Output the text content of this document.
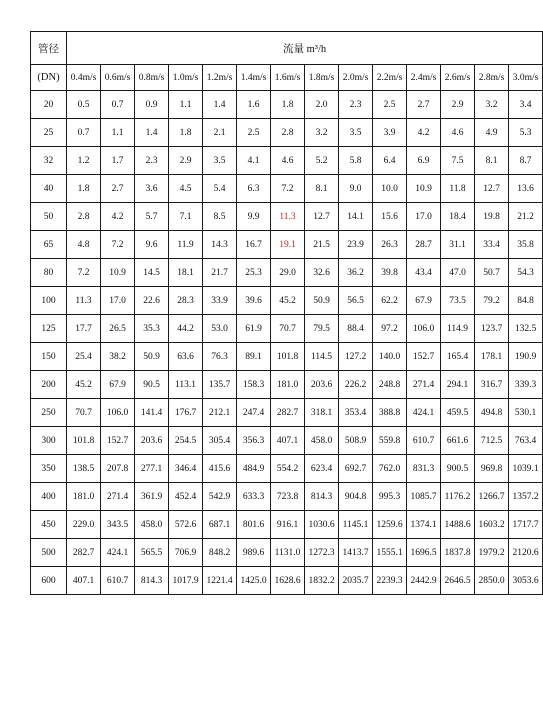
管径	流量 m³/h													
(DN)	0.4m/s	0.6m/s	0.8m/s	1.0m/s	1.2m/s	1.4m/s	1.6m/s	1.8m/s	2.0m/s	2.2m/s	2.4m/s	2.6m/s	2.8m/s	3.0m/s
20	0.5	0.7	0.9	1.1	1.4	1.6	1.8	2.0	2.3	2.5	2.7	2.9	3.2	3.4
25	0.7	1.1	1.4	1.8	2.1	2.5	2.8	3.2	3.5	3.9	4.2	4.6	4.9	5.3
32	1.2	1.7	2.3	2.9	3.5	4.1	4.6	5.2	5.8	6.4	6.9	7.5	8.1	8.7
40	1.8	2.7	3.6	4.5	5.4	6.3	7.2	8.1	9.0	10.0	10.9	11.8	12.7	13.6
50	2.8	4.2	5.7	7.1	8.5	9.9	11.3	12.7	14.1	15.6	17.0	18.4	19.8	21.2
65	4.8	7.2	9.6	11.9	14.3	16.7	19.1	21.5	23.9	26.3	28.7	31.1	33.4	35.8
80	7.2	10.9	14.5	18.1	21.7	25.3	29.0	32.6	36.2	39.8	43.4	47.0	50.7	54.3
100	11.3	17.0	22.6	28.3	33.9	39.6	45.2	50.9	56.5	62.2	67.9	73.5	79.2	84.8
125	17.7	26.5	35.3	44.2	53.0	61.9	70.7	79.5	88.4	97.2	106.0	114.9	123.7	132.5
150	25.4	38.2	50.9	63.6	76.3	89.1	101.8	114.5	127.2	140.0	152.7	165.4	178.1	190.9
200	45.2	67.9	90.5	113.1	135.7	158.3	181.0	203.6	226.2	248.8	271.4	294.1	316.7	339.3
250	70.7	106.0	141.4	176.7	212.1	247.4	282.7	318.1	353.4	388.8	424.1	459.5	494.8	530.1
300	101.8	152.7	203.6	254.5	305.4	356.3	407.1	458.0	508.9	559.8	610.7	661.6	712.5	763.4
350	138.5	207.8	277.1	346.4	415.6	484.9	554.2	623.4	692.7	762.0	831.3	900.5	969.8	1039.1
400	181.0	271.4	361.9	452.4	542.9	633.3	723.8	814.3	904.8	995.3	1085.7	1176.2	1266.7	1357.2
450	229.0	343.5	458.0	572.6	687.1	801.6	916.1	1030.6	1145.1	1259.6	1374.1	1488.6	1603.2	1717.7
500	282.7	424.1	565.5	706.9	848.2	989.6	1131.0	1272.3	1413.7	1555.1	1696.5	1837.8	1979.2	2120.6
600	407.1	610.7	814.3	1017.9	1221.4	1425.0	1628.6	1832.2	2035.7	2239.3	2442.9	2646.5	2850.0	3053.6
